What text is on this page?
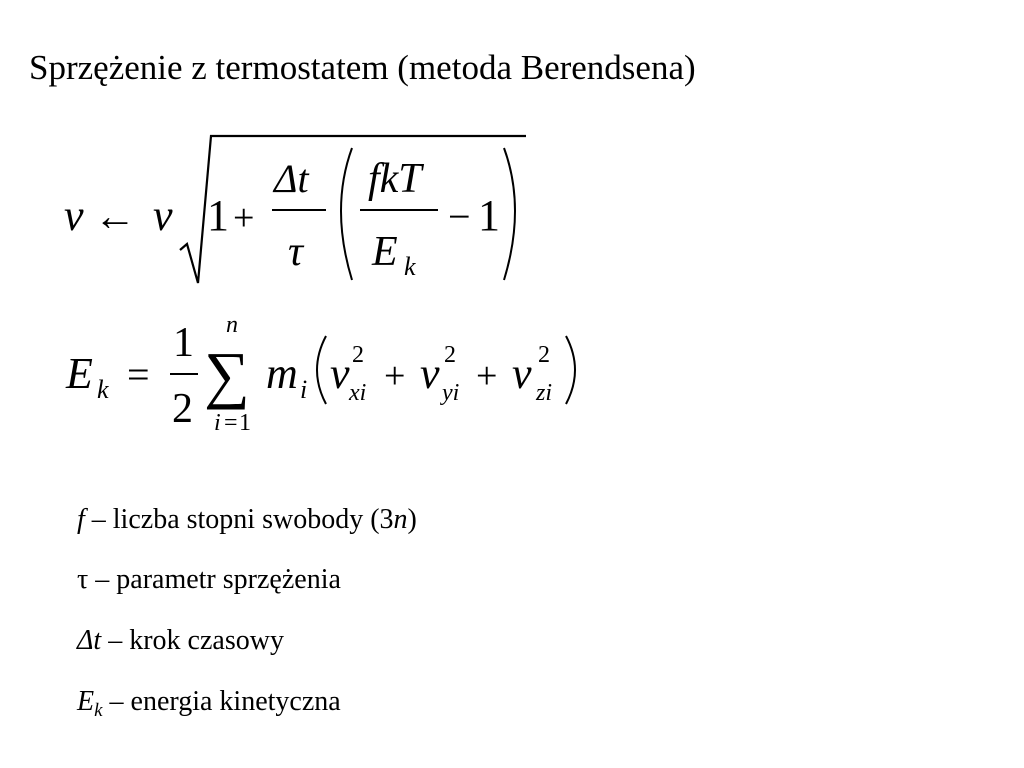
Sprzężenie z termostatem (metoda Berendsena)
v ← v 1 +
Δt
τ
fkT
E k
− 1
E k =
1
2
n
∑
i = 1
m i v 2
xi + v 2
yi + v 2
zi
f – liczba stopni swobody (3n)
τ – parametr sprzężenia
Δt – krok czasowy
$E_k$ – energia kinetyczna
